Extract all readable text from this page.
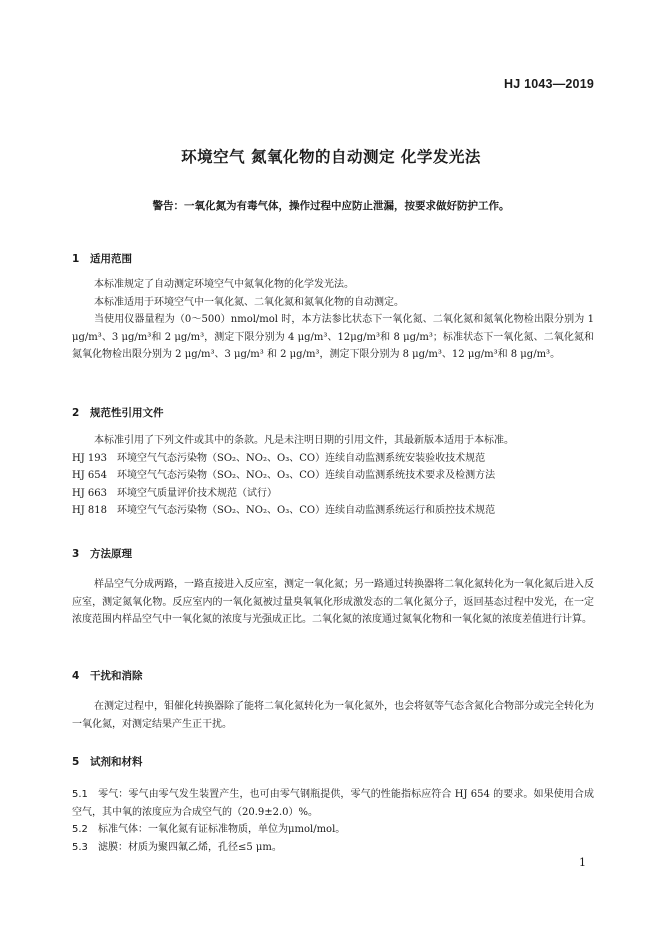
HJ 1043—2019
环境空气 氮氧化物的自动测定 化学发光法
警告：一氧化氮为有毒气体，操作过程中应防止泄漏，按要求做好防护工作。
1 适用范围

本标准规定了自动测定环境空气中氮氧化物的化学发光法。

本标准适用于环境空气中一氧化氮、二氧化氮和氮氧化物的自动测定。

当使用仪器量程为（0～500）nmol/mol 时，本方法参比状态下一氧化氮、二氧化氮和氮氧化物检出限分别为 1 μg/m³、3 μg/m³和 2 μg/m³，测定下限分别为 4 μg/m³、12μg/m³和 8 μg/m³；标准状态下一氧化氮、二氧化氮和氮氧化物检出限分别为 2 μg/m³、3 μg/m³ 和 2 μg/m³，测定下限分别为 8 μg/m³、12 μg/m³和 8 μg/m³。

2 规范性引用文件

本标准引用了下列文件或其中的条款。凡是未注明日期的引用文件，其最新版本适用于本标准。

HJ 193 环境空气气态污染物（SO₂、NO₂、O₃、CO）连续自动监测系统安装验收技术规范

HJ 654 环境空气气态污染物（SO₂、NO₂、O₃、CO）连续自动监测系统技术要求及检测方法

HJ 663 环境空气质量评价技术规范（试行）

HJ 818 环境空气气态污染物（SO₂、NO₂、O₃、CO）连续自动监测系统运行和质控技术规范

3 方法原理

样品空气分成两路，一路直接进入反应室，测定一氧化氮；另一路通过转换器将二氧化氮转化为一氧化氮后进入反应室，测定氮氧化物。反应室内的一氧化氮被过量臭氧氧化形成激发态的二氧化氮分子，返回基态过程中发光，在一定浓度范围内样品空气中一氧化氮的浓度与光强成正比。二氧化氮的浓度通过氮氧化物和一氧化氮的浓度差值进行计算。

4 干扰和消除

在测定过程中，钼催化转换器除了能将二氧化氮转化为一氧化氮外，也会将氨等气态含氮化合物部分或完全转化为一氧化氮，对测定结果产生正干扰。

5 试剂和材料

5.1 零气：零气由零气发生装置产生，也可由零气钢瓶提供，零气的性能指标应符合 HJ 654 的要求。如果使用合成空气，其中氧的浓度应为合成空气的（20.9±2.0）%。

5.2 标准气体：一氧化氮有证标准物质，单位为μmol/mol。

5.3 滤膜：材质为聚四氟乙烯，孔径≤5 μm。

1
